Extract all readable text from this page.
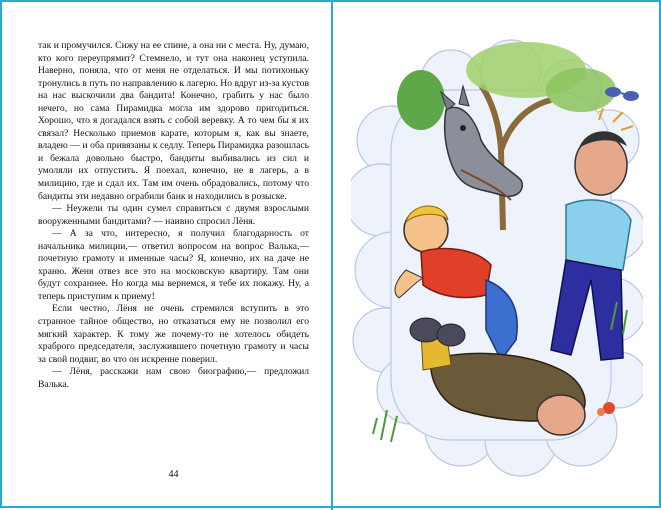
так и промучился. Сижу на ее спине, а она ни с места. Ну, думаю, кто кого переупрямит? Стемнело, и тут она наконец уступила. Наверно, поняла, что от меня не отделаться. И мы потихоньку тронулись в путь по направлению к лагерю. Но вдруг из-за кустов на нас выскочили два бандита! Конечно, грабить у нас было нечего, но сама Пирамидка могла им здорово пригодиться. Хорошо, что я догадался взять с собой веревку. А то чем бы я их связал? Несколько приемов карате, которым я, как вы знаете, владею — и оба привязаны к седлу. Теперь Пирамидка разошлась и бежала довольно быстро, бандиты выбивались из сил и умоляли их отпустить. Я поехал, конечно, не в лагерь, а в милицию, где и сдал их. Там им очень обрадовались, потому что бандиты эти недавно ограбили банк и находились в розыске.

— Неужели ты один сумел справиться с двумя взрослыми вооруженными бандитами? — наивно спросил Лёня.

— А за что, интересно, я получил благодарность от начальника милиции,— ответил вопросом на вопрос Валька,— почетную грамоту и именные часы? Я, конечно, их на даче не храню. Женя отвез все это на московскую квартиру. Там они будут сохраннее. Но когда мы вернемся, я тебе их покажу. Ну, а теперь приступим к приему!

Если честно, Лёня не очень стремился вступить в это странное тайное общество, но отказаться ему не позволил его мягкий характер. К тому же почему-то не хотелось обидеть храброго председателя, заслужившего почетную грамоту и часы за свой подвиг, во что он искренне поверил.

— Лёня, расскажи нам свою биографию,— предложил Валька.

44
